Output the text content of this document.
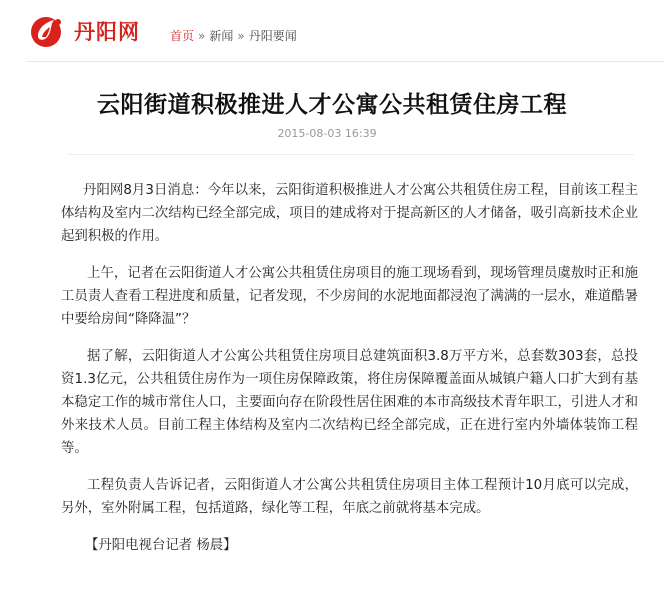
丹阳网	首页 » 新闻 » 丹阳要闻
云阳街道积极推进人才公寓公共租赁住房工程
2015-08-03 16:39

丹阳网8月3日消息：今年以来，云阳街道积极推进人才公寓公共租赁住房工程，目前该工程主体结构及室内二次结构已经全部完成，项目的建成将对于提高新区的人才储备，吸引高新技术企业起到积极的作用。

上午，记者在云阳街道人才公寓公共租赁住房项目的施工现场看到，现场管理员虞敖时正和施工员责人查看工程进度和质量，记者发现，不少房间的水泥地面都浸泡了满满的一层水，难道酷暑中要给房间“降降温”？

据了解，云阳街道人才公寓公共租赁住房项目总建筑面积3.8万平方米，总套数303套，总投资1.3亿元，公共租赁住房作为一项住房保障政策，将住房保障覆盖面从城镇户籍人口扩大到有基本稳定工作的城市常住人口，主要面向存在阶段性居住困难的本市高级技术青年职工，引进人才和外来技术人员。目前工程主体结构及室内二次结构已经全部完成，正在进行室内外墙体装饰工程等。

工程负责人告诉记者，云阳街道人才公寓公共租赁住房项目主体工程预计10月底可以完成，另外，室外附属工程，包括道路，绿化等工程，年底之前就将基本完成。

【丹阳电视台记者 杨晨】
